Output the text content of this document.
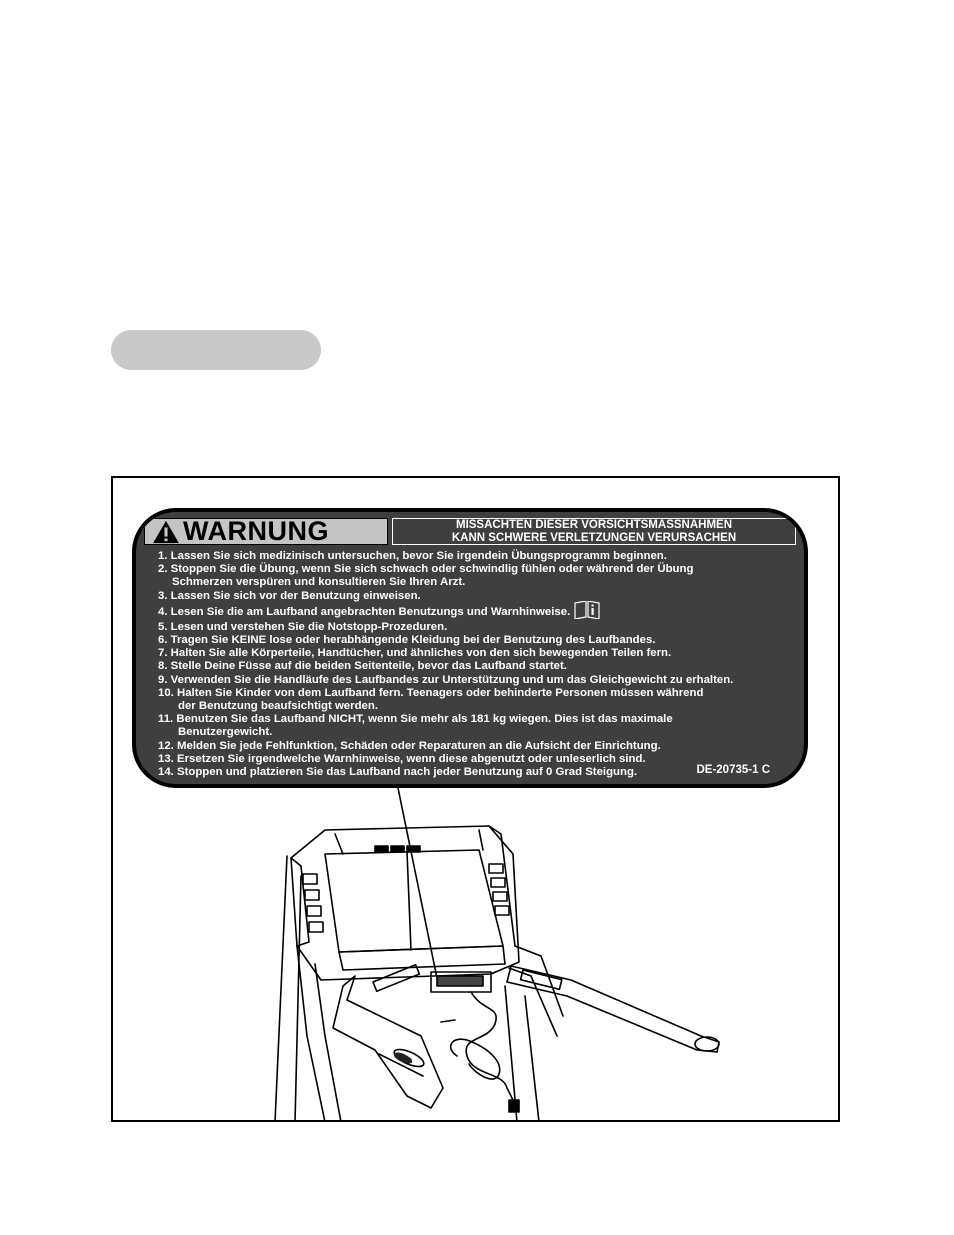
WARNUNG	MISSACHTEN DIESER VORSICHTSMASSNAHMEN
KANN SCHWERE VERLETZUNGEN VERURSACHEN
1. Lassen Sie sich medizinisch untersuchen, bevor Sie irgendein Übungsprogramm beginnen.
2. Stoppen Sie die Übung, wenn Sie sich schwach oder schwindlig fühlen oder während der Übung
Schmerzen verspüren und konsultieren Sie Ihren Arzt.
3. Lassen Sie sich vor der Benutzung einweisen.
4. Lesen Sie die am Laufband angebrachten Benutzungs und Warnhinweise.
5. Lesen und verstehen Sie die Notstopp-Prozeduren.
6. Tragen Sie KEINE lose oder herabhängende Kleidung bei der Benutzung des Laufbandes.
7. Halten Sie alle Körperteile, Handtücher, und ähnliches von den sich bewegenden Teilen fern.
8. Stelle Deine Füsse auf die beiden Seitenteile, bevor das Laufband startet.
9. Verwenden Sie die Handläufe des Laufbandes zur Unterstützung und um das Gleichgewicht zu erhalten.
10. Halten Sie Kinder von dem Laufband fern. Teenagers oder behinderte Personen müssen während
der Benutzung beaufsichtigt werden.
11. Benutzen Sie das Laufband NICHT, wenn Sie mehr als 181 kg wiegen. Dies ist das maximale
Benutzergewicht.
12. Melden Sie jede Fehlfunktion, Schäden oder Reparaturen an die Aufsicht der Einrichtung.
13. Ersetzen Sie irgendwelche Warnhinweise, wenn diese abgenutzt oder unleserlich sind.
14. Stoppen und platzieren Sie das Laufband nach jeder Benutzung auf 0 Grad Steigung.	DE-20735-1 C
